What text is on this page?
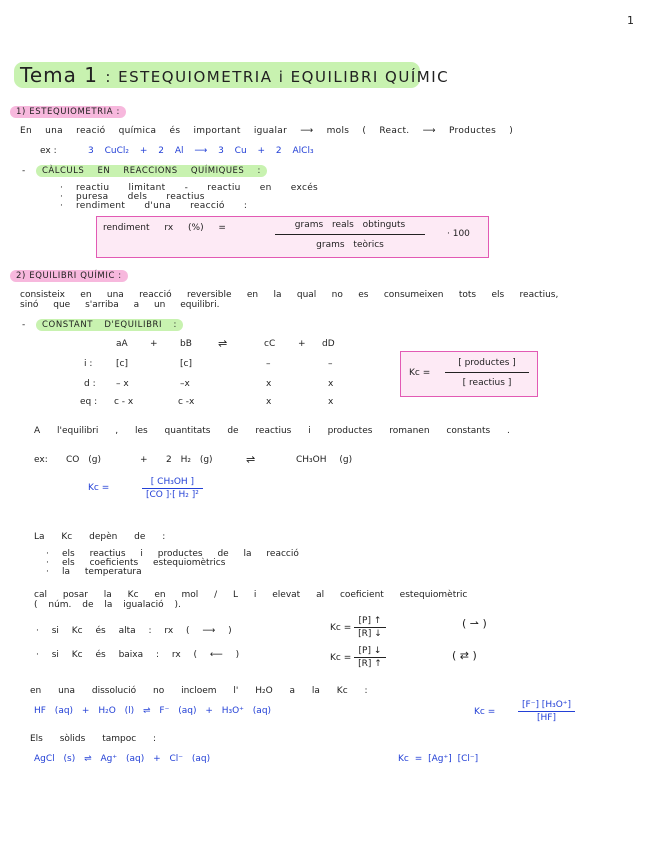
1
Tema 1 : ESTEQUIOMETRIA i EQUILIBRI QUÍMIC
1) ESTEQUIOMETRIA :
En una reació química és important igualar ⟶ mols ( React. ⟶ Productes )
ex :	3 CuCl₂ + 2 Al ⟶ 3 Cu + 2 AlCl₃
-	CÀLCULS EN REACCIONS QUÍMIQUES :
· reactiu limitant - reactiu en excés
· puresa dels reactius
· rendiment d'una reacció :
rendiment rx (%) =	grams reals obtinguts
grams teòrics
· 100
2) EQUILIBRI QUÍMIC :
consisteix en una reacció reversible en la qual no es consumeixen tots els reactius,
sinó que s'arriba a un equilibri.
-	CONSTANT D'EQUILIBRI :
aA + bB ⇌	cC	+ dD
i :	[c]	[c]	–	–
d : – x	–x	x	x
eq : c - x	c -x	x	x
Kc =
[ productes ]
[ reactius ]
A l'equilibri , les quantitats de reactius i productes romanen constants .
ex: CO (g)	+ 2 H₂ (g)	⇌	CH₃OH (g)
Kc =	$\frac{\text{[ CH₃OH ]}}{\text{[CO ]·[ H₂ ]²}}$
La Kc depèn de :
· els reactius i productes de la reacció
· els coeficients estequiomètrics
· la temperatura
cal posar la Kc en mol / L i elevat al coeficient estequiomètric
( núm. de la igualació ).
· si Kc és alta : rx ( ⟶ )	$Kc = \frac{[P] ↑}{[R] ↓}$	( ⇀ )
· si Kc és baixa : rx ( ⟵ )	$Kc = \frac{[P] ↓}{[R] ↑}$	( ⇄ )
en una dissolució no incloem l' H₂O a la Kc :
HF (aq) + H₂O (l) ⇌ F⁻ (aq) + H₃O⁺ (aq)	Kc =	$\frac{\text{[F⁻] [H₃O⁺]}}{[HF]}$
Els sòlids tampoc :
AgCl (s) ⇌ Ag⁺ (aq) + Cl⁻ (aq)	Kc = [Ag⁺] [Cl⁻]
